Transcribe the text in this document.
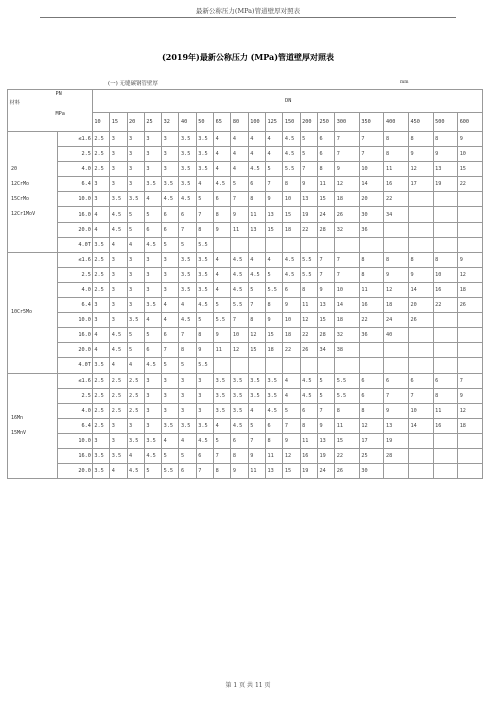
最新公称压力(MPa)管道壁厚对照表
(2019年)最新公称压力 (MPa)管道壁厚对照表
(一) 无缝碳钢管壁厚	mm
PN
材料
MPa		DN																			
		10	15	20	25	32	40	50	65	80	100	125	150	200	250	300	350	400	450	500	600

20
12CrMo
15CrMo
12Cr1MoV	≤1.6	2.5	3	3	3	3	3.5	3.5	4	4	4	4	4.5	5	6	7	7	8	8	8	9
	2.5	2.5	3	3	3	3	3.5	3.5	4	4	4	4	4.5	5	6	7	7	8	9	9	10
	4.0	2.5	3	3	3	3	3.5	3.5	4	4	4.5	5	5.5	7	8	9	10	11	12	13	15
	6.4	3	3	3	3.5	3.5	3.5	4	4.5	5	6	7	8	9	11	12	14	16	17	19	22
	10.0	3	3.5	3.5	4	4.5	4.5	5	6	7	8	9	10	13	15	18	20	22			
	16.0	4	4.5	5	5	6	6	7	8	9	11	13	15	19	24	26	30	34			
	20.0	4	4.5	5	6	6	7	8	9	11	13	15	18	22	28	32	36				
	4.0T	3.5	4	4	4.5	5	5	5.5													

10Cr5Mo	≤1.6	2.5	3	3	3	3	3.5	3.5	4	4.5	4	4	4.5	5.5	7	7	8	8	8	8	9
	2.5	2.5	3	3	3	3	3.5	3.5	4	4.5	4.5	5	4.5	5.5	7	7	8	9	9	10	12
	4.0	2.5	3	3	3	3	3.5	3.5	4	4.5	5	5.5	6	8	9	10	11	12	14	16	18
	6.4	3	3	3	3.5	4	4	4.5	5	5.5	7	8	9	11	13	14	16	18	20	22	26
	10.0	3	3	3.5	4	4	4.5	5	5.5	7	8	9	10	12	15	18	22	24	26		
	16.0	4	4.5	5	5	6	7	8	9	10	12	15	18	22	28	32	36	40			
	20.0	4	4.5	5	6	7	8	9	11	12	15	18	22	26	34	38					
	4.0T	3.5	4	4	4.5	5	5	5.5													

16Mn
15MnV	≤1.6	2.5	2.5	2.5	3	3	3	3	3.5	3.5	3.5	3.5	4	4.5	5	5.5	6	6	6	6	7
	2.5	2.5	2.5	2.5	3	3	3	3	3.5	3.5	3.5	3.5	4	4.5	5	5.5	6	7	7	8	9
	4.0	2.5	2.5	2.5	3	3	3	3	3.5	3.5	4	4.5	5	6	7	8	8	9	10	11	12
	6.4	2.5	3	3	3	3.5	3.5	3.5	4	4.5	5	6	7	8	9	11	12	13	14	16	18
	10.0	3	3	3.5	3.5	4	4	4.5	5	6	7	8	9	11	13	15	17	19			
	16.0	3.5	3.5	4	4.5	5	5	6	7	8	9	11	12	16	19	22	25	28			
	20.0	3.5	4	4.5	5	5.5	6	7	8	9	11	13	15	19	24	26	30				
第 1 页 共 11 页
